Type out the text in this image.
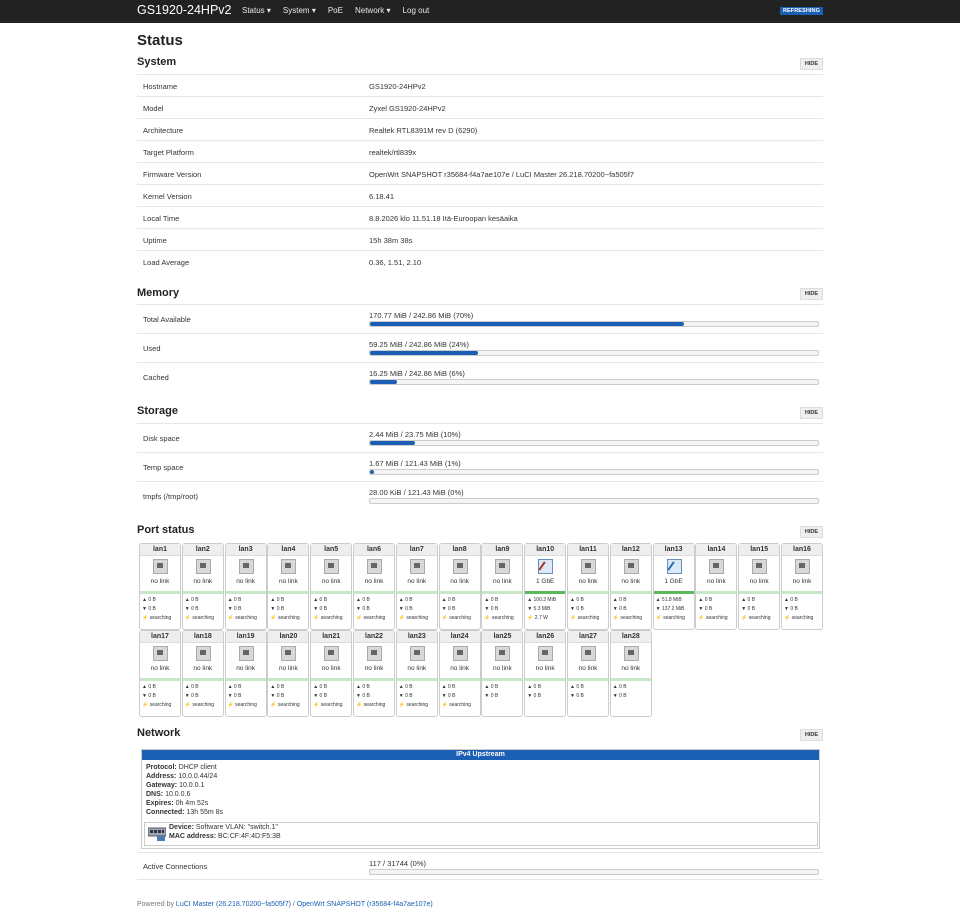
GS1920-24HPv2 Status ▾ System ▾ PoE Network ▾ Log out	REFRESHING
Status
System	HIDE
Hostname	GS1920-24HPv2
Model	Zyxel GS1920-24HPv2
Architecture	Realtek RTL8391M rev D (6290)
Target Platform	realtek/rtl839x
Firmware Version	OpenWrt SNAPSHOT r35684-f4a7ae107e / LuCI Master 26.218.70200~fa505f7
Kernel Version	6.18.41
Local Time	8.8.2026 klo 11.51.18 Itä-Euroopan kesäaika
Uptime	15h 38m 38s
Load Average	0.36, 1.51, 2.10
Memory	HIDE
Total Available	170.77 MiB / 242.86 MiB (70%)
Used	59.25 MiB / 242.86 MiB (24%)
Cached	16.25 MiB / 242.86 MiB (6%)
Storage	HIDE
Disk space	2.44 MiB / 23.75 MiB (10%)
Temp space	1.67 MiB / 121.43 MiB (1%)
tmpfs (/tmp/root)	28.00 KiB / 121.43 MiB (0%)
Port status	HIDE
lan1
no link
▲ 0 B
▼ 0 B
⚡ searching
lan2
no link
▲ 0 B
▼ 0 B
⚡ searching
lan3
no link
▲ 0 B
▼ 0 B
⚡ searching
lan4
no link
▲ 0 B
▼ 0 B
⚡ searching
lan5
no link
▲ 0 B
▼ 0 B
⚡ searching
lan6
no link
▲ 0 B
▼ 0 B
⚡ searching
lan7
no link
▲ 0 B
▼ 0 B
⚡ searching
lan8
no link
▲ 0 B
▼ 0 B
⚡ searching
lan9
no link
▲ 0 B
▼ 0 B
⚡ searching
lan10
1 GbE
▲ 100.3 MiB
▼ 5.3 MiB
⚡ 2.7 W
lan11
no link
▲ 0 B
▼ 0 B
⚡ searching
lan12
no link
▲ 0 B
▼ 0 B
⚡ searching
lan13
1 GbE
▲ 51.8 MiB
▼ 137.2 MiB
⚡ searching
lan14
no link
▲ 0 B
▼ 0 B
⚡ searching
lan15
no link
▲ 0 B
▼ 0 B
⚡ searching
lan16
no link
▲ 0 B
▼ 0 B
⚡ searching
lan17
no link
▲ 0 B
▼ 0 B
⚡ searching
lan18
no link
▲ 0 B
▼ 0 B
⚡ searching
lan19
no link
▲ 0 B
▼ 0 B
⚡ searching
lan20
no link
▲ 0 B
▼ 0 B
⚡ searching
lan21
no link
▲ 0 B
▼ 0 B
⚡ searching
lan22
no link
▲ 0 B
▼ 0 B
⚡ searching
lan23
no link
▲ 0 B
▼ 0 B
⚡ searching
lan24
no link
▲ 0 B
▼ 0 B
⚡ searching
lan25
no link
▲ 0 B
▼ 0 B
lan26
no link
▲ 0 B
▼ 0 B
lan27
no link
▲ 0 B
▼ 0 B
lan28
no link
▲ 0 B
▼ 0 B
Network	HIDE
IPv4 Upstream
Protocol: DHCP client
Address: 10.0.0.44/24
Gateway: 10.0.0.1
DNS: 10.0.0.6
Expires: 0h 4m 52s
Connected: 13h 55m 8s
Device: Software VLAN: "switch.1"
MAC address: BC:CF:4F:4D:F5:3B
Active Connections	117 / 31744 (0%)
Powered by LuCI Master (26.218.70200~fa505f7) / OpenWrt SNAPSHOT (r35684-f4a7ae107e)
